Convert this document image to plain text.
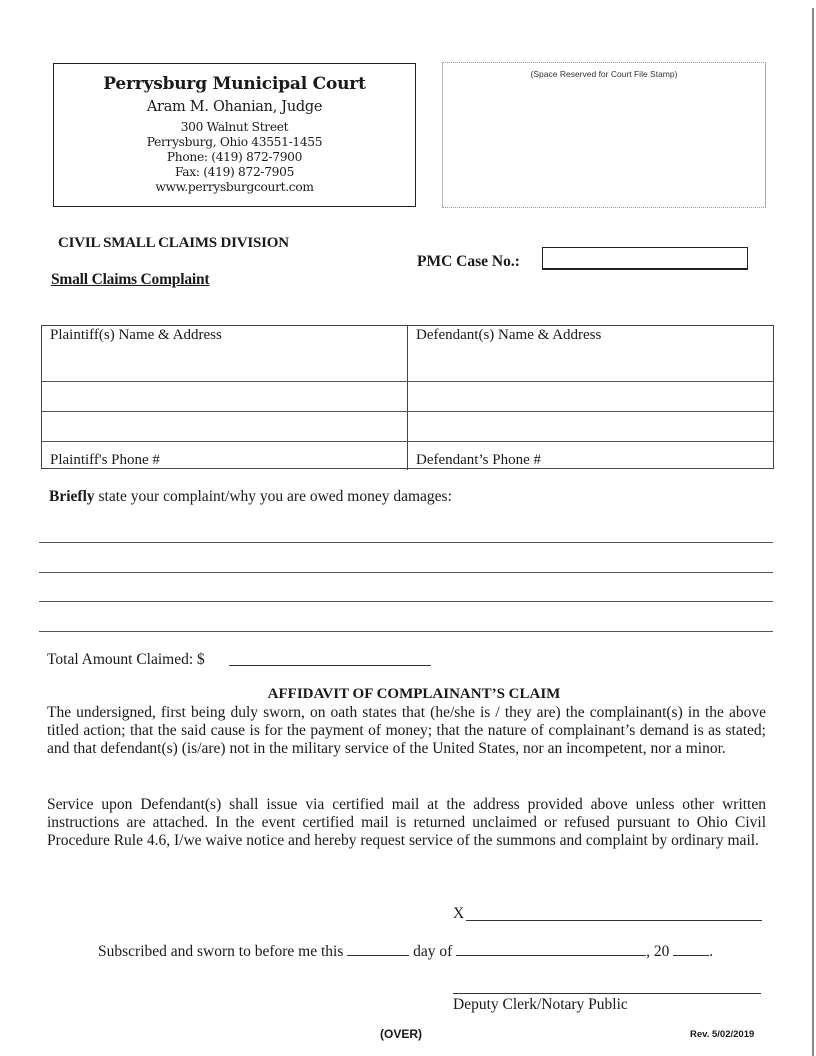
Perrysburg Municipal Court
Aram M. Ohanian, Judge
300 Walnut Street
Perrysburg, Ohio 43551-1455
Phone: (419) 872-7900
Fax: (419) 872-7905
www.perrysburgcourt.com
(Space Reserved for Court File Stamp)
CIVIL SMALL CLAIMS DIVISION
Small Claims Complaint
PMC Case No.:
Plaintiff(s) Name & Address	Defendant(s) Name & Address
Plaintiff's Phone #	Defendant’s Phone #
Briefly state your complaint/why you are owed money damages:
Total Amount Claimed: $
AFFIDAVIT OF COMPLAINANT’S CLAIM
The undersigned, first being duly sworn, on oath states that (he/she is / they are) the complainant(s) in the above titled action; that the said cause is for the payment of money; that the nature of complainant’s demand is as stated; and that defendant(s) (is/are) not in the military service of the United States, nor an incompetent, nor a minor.
Service upon Defendant(s) shall issue via certified mail at the address provided above unless other written instructions are attached. In the event certified mail is returned unclaimed or refused pursuant to Ohio Civil Procedure Rule 4.6, I/we waive notice and hereby request service of the summons and complaint by ordinary mail.
X
Subscribed and sworn to before me this	day of	, 20 .
Deputy Clerk/Notary Public
(OVER)	Rev. 5/02/2019
